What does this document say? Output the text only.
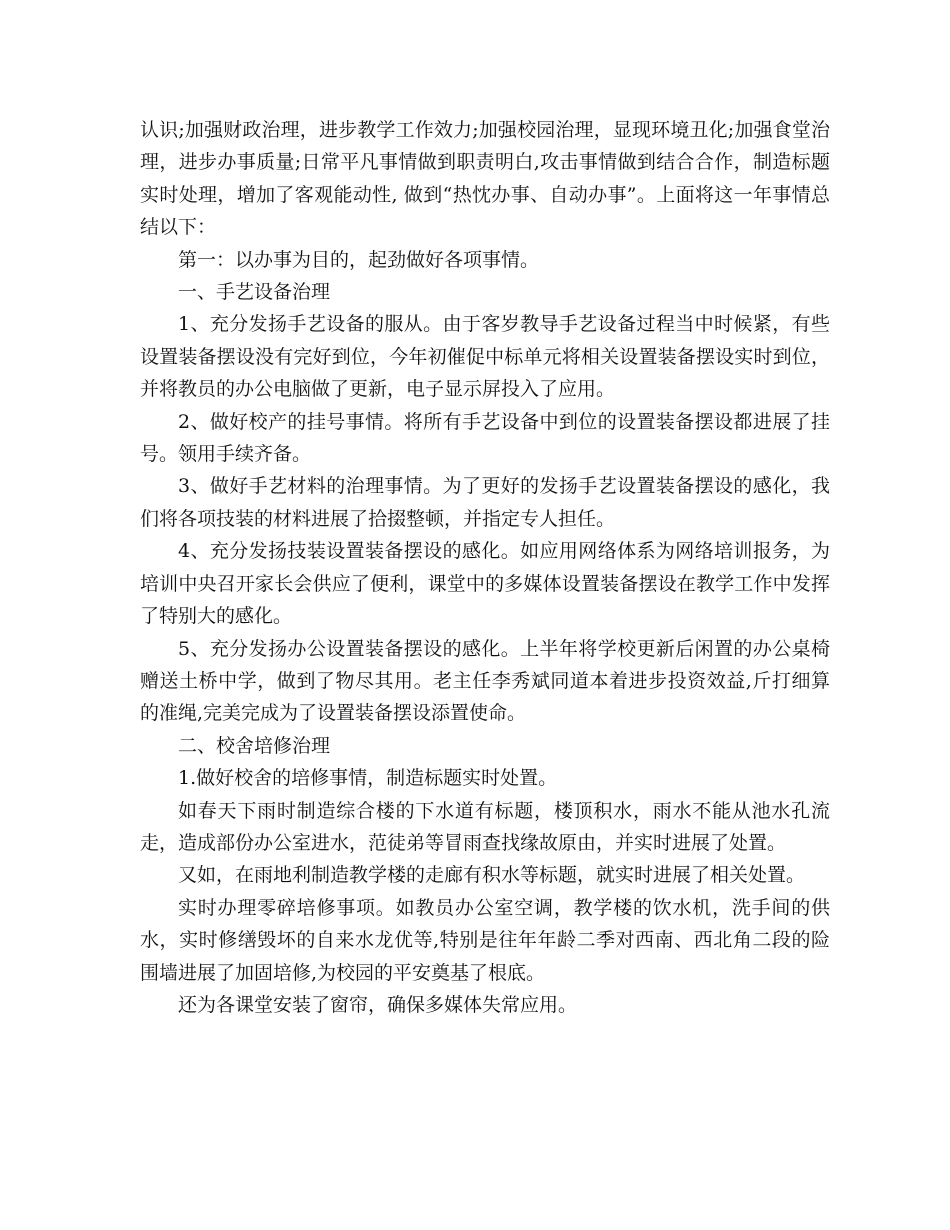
认识;加强财政治理，进步教学工作效力;加强校园治理，显现环境丑化;加强食堂治理，进步办事质量;日常平凡事情做到职责明白,攻击事情做到结合合作，制造标题实时处理，增加了客观能动性, 做到“热忱办事、自动办事”。上面将这一年事情总结以下：

第一：以办事为目的，起劲做好各项事情。

一、手艺设备治理

1、充分发扬手艺设备的服从。由于客岁教导手艺设备过程当中时候紧，有些设置装备摆设没有完好到位，今年初催促中标单元将相关设置装备摆设实时到位，并将教员的办公电脑做了更新，电子显示屏投入了应用。

2、做好校产的挂号事情。将所有手艺设备中到位的设置装备摆设都进展了挂号。领用手续齐备。

3、做好手艺材料的治理事情。为了更好的发扬手艺设置装备摆设的感化，我们将各项技装的材料进展了拾掇整顿，并指定专人担任。

4、充分发扬技装设置装备摆设的感化。如应用网络体系为网络培训报务，为培训中央召开家长会供应了便利，课堂中的多媒体设置装备摆设在教学工作中发挥了特别大的感化。

5、充分发扬办公设置装备摆设的感化。上半年将学校更新后闲置的办公桌椅赠送土桥中学，做到了物尽其用。老主任李秀斌同道本着进步投资效益,斤打细算的准绳,完美完成为了设置装备摆设添置使命。

二、校舍培修治理

1.做好校舍的培修事情，制造标题实时处置。

如春天下雨时制造综合楼的下水道有标题，楼顶积水，雨水不能从池水孔流走，造成部份办公室进水，范徒弟等冒雨查找缘故原由，并实时进展了处置。

又如，在雨地利制造教学楼的走廊有积水等标题，就实时进展了相关处置。

实时办理零碎培修事项。如教员办公室空调，教学楼的饮水机，洗手间的供水，实时修缮毁坏的自来水龙优等,特别是往年年龄二季对西南、西北角二段的险围墙进展了加固培修,为校园的平安奠基了根底。

还为各课堂安装了窗帘，确保多媒体失常应用。
